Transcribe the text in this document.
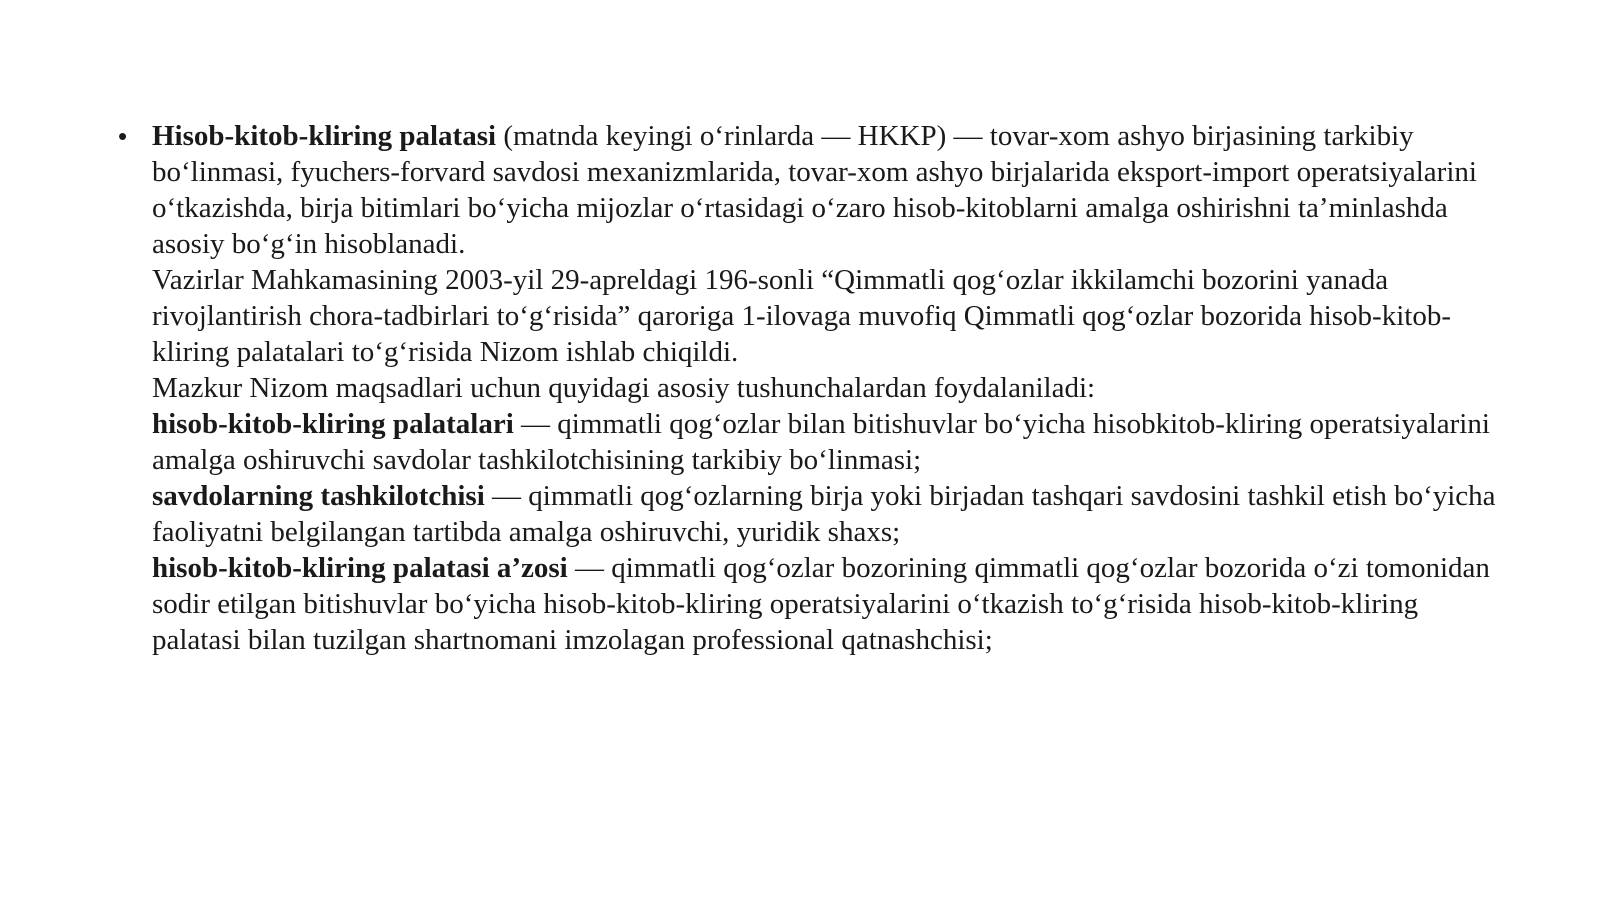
• Hisob-kitob-kliring palatasi (matnda keyingi o‘rinlarda — HKKP) — tovar-xom ashyo birjasining tarkibiy bo‘linmasi, fyuchers-forvard savdosi mexanizmlarida, tovar-xom ashyo birjalarida eksport-import operatsiyalarini o‘tkazishda, birja bitimlari bo‘yicha mijozlar o‘rtasidagi o‘zaro hisob-kitoblarni amalga oshirishni ta’minlashda asosiy bo‘g‘in hisoblanadi.

Vazirlar Mahkamasining 2003-yil 29-apreldagi 196-sonli “Qimmatli qog‘ozlar ikkilamchi bozorini yanada rivojlantirish chora-tadbirlari to‘g‘risida” qaroriga 1-ilovaga muvofiq Qimmatli qog‘ozlar bozorida hisob-kitob-kliring palatalari to‘g‘risida Nizom ishlab chiqildi.

Mazkur Nizom maqsadlari uchun quyidagi asosiy tushunchalardan foydalaniladi:

hisob-kitob-kliring palatalari — qimmatli qog‘ozlar bilan bitishuvlar bo‘yicha hisobkitob-kliring operatsiyalarini amalga oshiruvchi savdolar tashkilotchisining tarkibiy bo‘linmasi;

savdolarning tashkilotchisi — qimmatli qog‘ozlarning birja yoki birjadan tashqari savdosini tashkil etish bo‘yicha faoliyatni belgilangan tartibda amalga oshiruvchi, yuridik shaxs;

hisob-kitob-kliring palatasi a’zosi — qimmatli qog‘ozlar bozorining qimmatli qog‘ozlar bozorida o‘zi tomonidan sodir etilgan bitishuvlar bo‘yicha hisob-kitob-kliring operatsiyalarini o‘tkazish to‘g‘risida hisob-kitob-kliring palatasi bilan tuzilgan shartnomani imzolagan professional qatnashchisi;
